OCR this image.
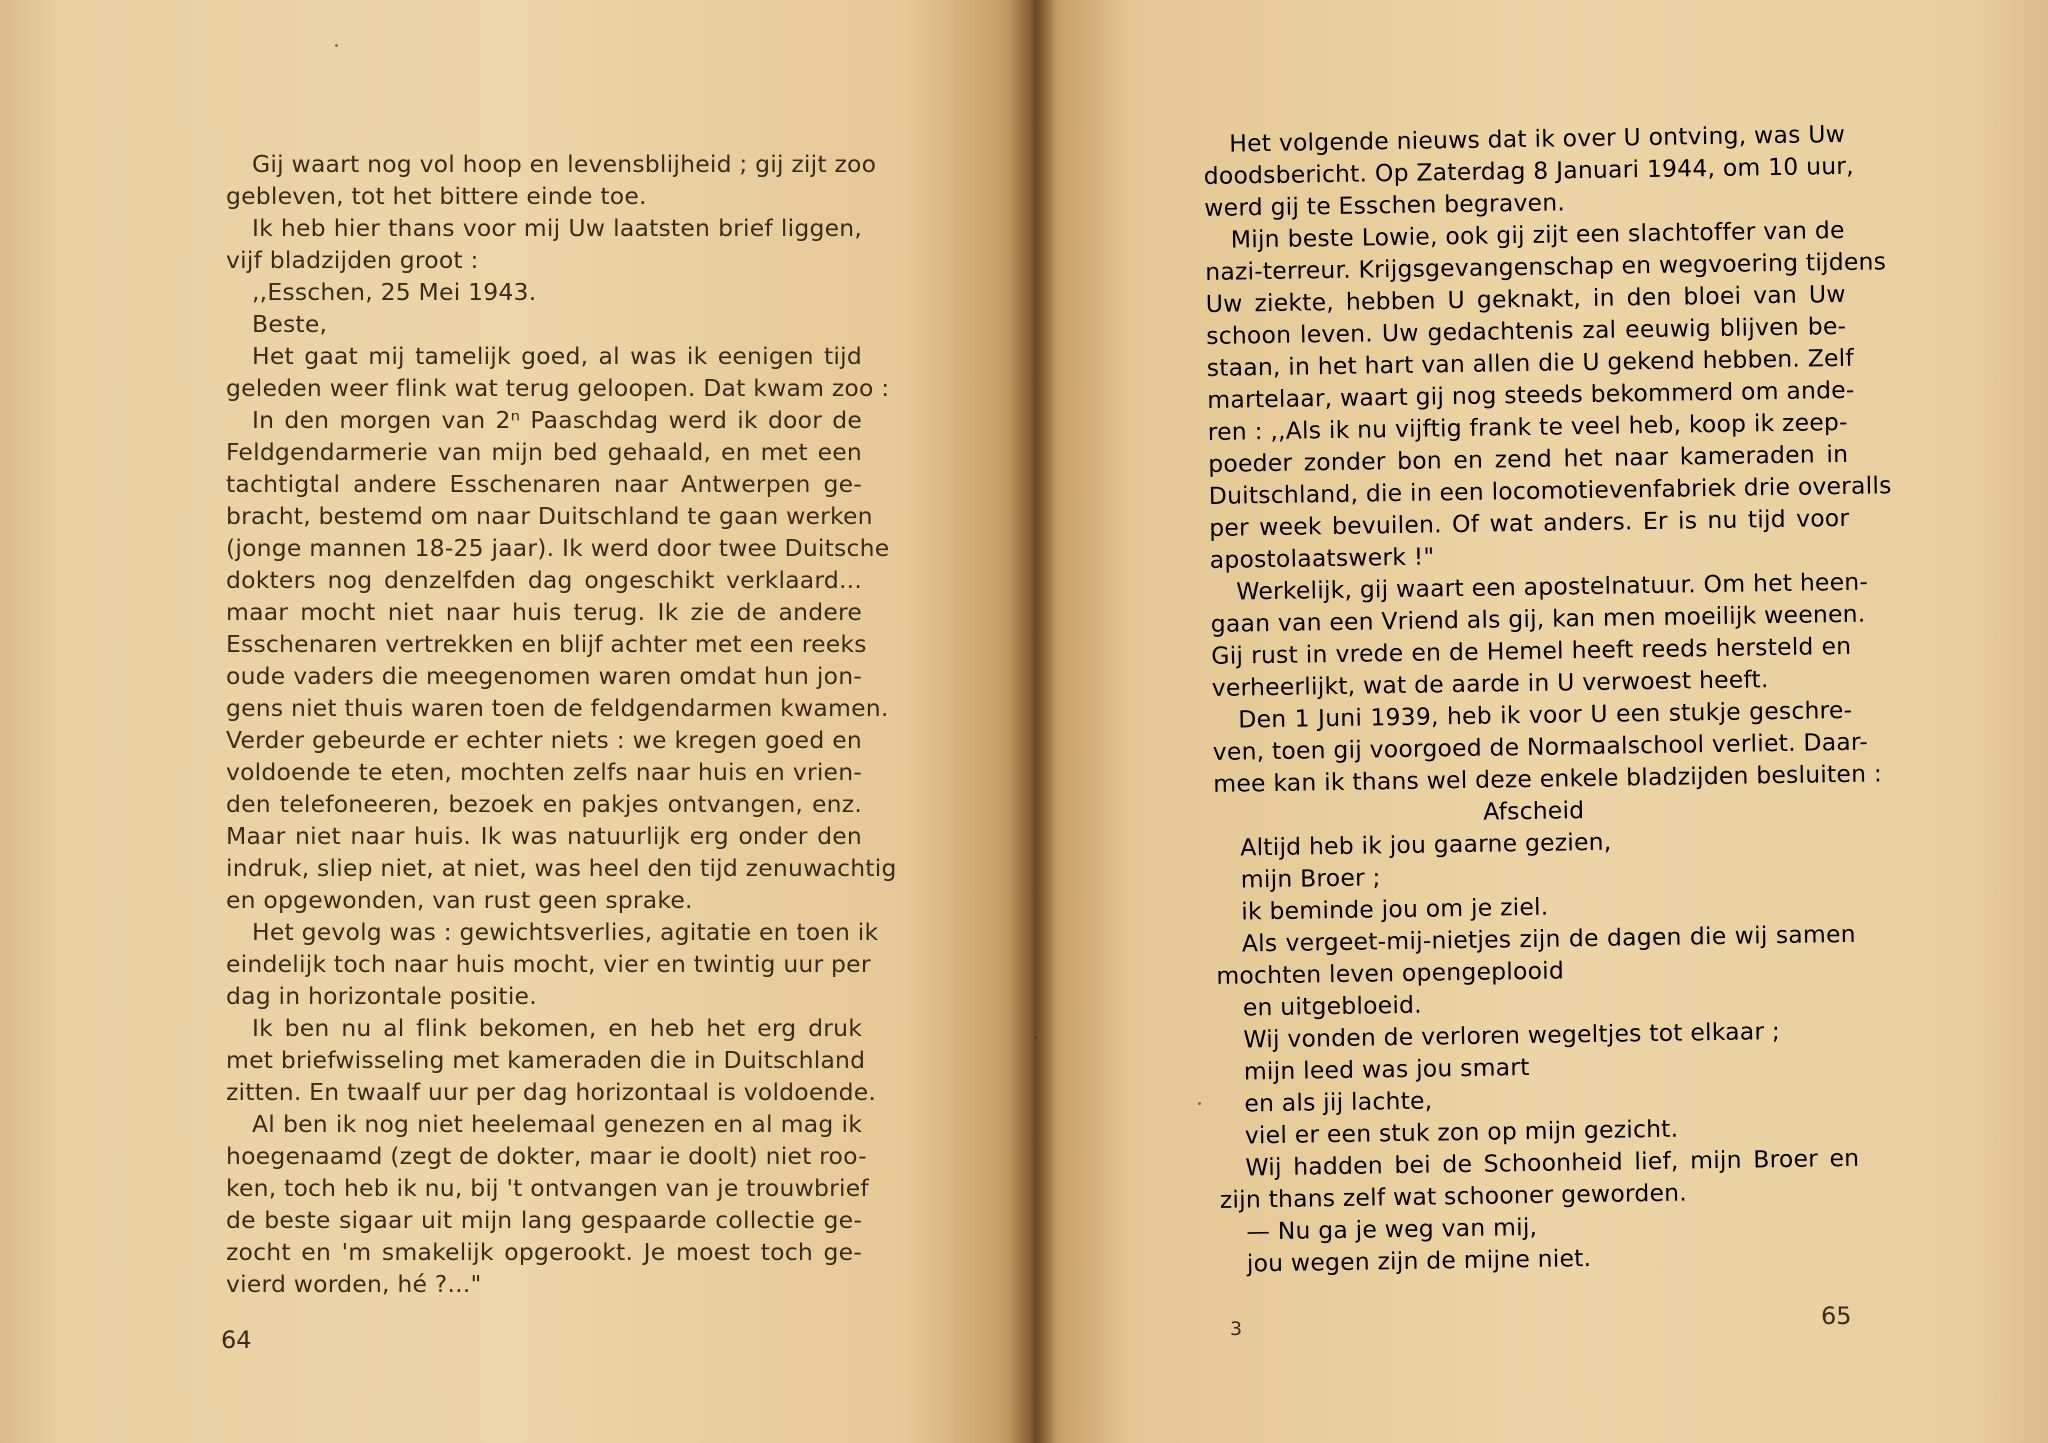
Gij waart nog vol hoop en levensblijheid ; gij zijt zoo
gebleven, tot het bittere einde toe.
Ik heb hier thans voor mij Uw laatsten brief liggen,
vijf bladzijden groot :
,,Esschen, 25 Mei 1943.
Beste,
Het gaat mij tamelijk goed, al was ik eenigen tijd
geleden weer flink wat terug geloopen. Dat kwam zoo :
In den morgen van 2ⁿ Paaschdag werd ik door de
Feldgendarmerie van mijn bed gehaald, en met een
tachtigtal andere Esschenaren naar Antwerpen ge-
bracht, bestemd om naar Duitschland te gaan werken
(jonge mannen 18-25 jaar). Ik werd door twee Duitsche
dokters nog denzelfden dag ongeschikt verklaard...
maar mocht niet naar huis terug. Ik zie de andere
Esschenaren vertrekken en blijf achter met een reeks
oude vaders die meegenomen waren omdat hun jon-
gens niet thuis waren toen de feldgendarmen kwamen.
Verder gebeurde er echter niets : we kregen goed en
voldoende te eten, mochten zelfs naar huis en vrien-
den telefoneeren, bezoek en pakjes ontvangen, enz.
Maar niet naar huis. Ik was natuurlijk erg onder den
indruk, sliep niet, at niet, was heel den tijd zenuwachtig
en opgewonden, van rust geen sprake.
Het gevolg was : gewichtsverlies, agitatie en toen ik
eindelijk toch naar huis mocht, vier en twintig uur per
dag in horizontale positie.
Ik ben nu al flink bekomen, en heb het erg druk
met briefwisseling met kameraden die in Duitschland
zitten. En twaalf uur per dag horizontaal is voldoende.
Al ben ik nog niet heelemaal genezen en al mag ik
hoegenaamd (zegt de dokter, maar ie doolt) niet roo-
ken, toch heb ik nu, bij 't ontvangen van je trouwbrief
de beste sigaar uit mijn lang gespaarde collectie ge-
zocht en 'm smakelijk opgerookt. Je moest toch ge-
vierd worden, hé ?..."
64
Het volgende nieuws dat ik over U ontving, was Uw
doodsbericht. Op Zaterdag 8 Januari 1944, om 10 uur,
werd gij te Esschen begraven.
Mijn beste Lowie, ook gij zijt een slachtoffer van de
nazi-terreur. Krijgsgevangenschap en wegvoering tijdens
Uw ziekte, hebben U geknakt, in den bloei van Uw
schoon leven. Uw gedachtenis zal eeuwig blijven be-
staan, in het hart van allen die U gekend hebben. Zelf
martelaar, waart gij nog steeds bekommerd om ande-
ren : ,,Als ik nu vijftig frank te veel heb, koop ik zeep-
poeder zonder bon en zend het naar kameraden in
Duitschland, die in een locomotievenfabriek drie overalls
per week bevuilen. Of wat anders. Er is nu tijd voor
apostolaatswerk !"
Werkelijk, gij waart een apostelnatuur. Om het heen-
gaan van een Vriend als gij, kan men moeilijk weenen.
Gij rust in vrede en de Hemel heeft reeds hersteld en
verheerlijkt, wat de aarde in U verwoest heeft.
Den 1 Juni 1939, heb ik voor U een stukje geschre-
ven, toen gij voorgoed de Normaalschool verliet. Daar-
mee kan ik thans wel deze enkele bladzijden besluiten :
Afscheid
Altijd heb ik jou gaarne gezien,
mijn Broer ;
ik beminde jou om je ziel.
Als vergeet-mij-nietjes zijn de dagen die wij samen
mochten leven opengeplooid
en uitgebloeid.
Wij vonden de verloren wegeltjes tot elkaar ;
mijn leed was jou smart
en als jij lachte,
viel er een stuk zon op mijn gezicht.
Wij hadden bei de Schoonheid lief, mijn Broer en
zijn thans zelf wat schooner geworden.
— Nu ga je weg van mij,
jou wegen zijn de mijne niet.
3	65
